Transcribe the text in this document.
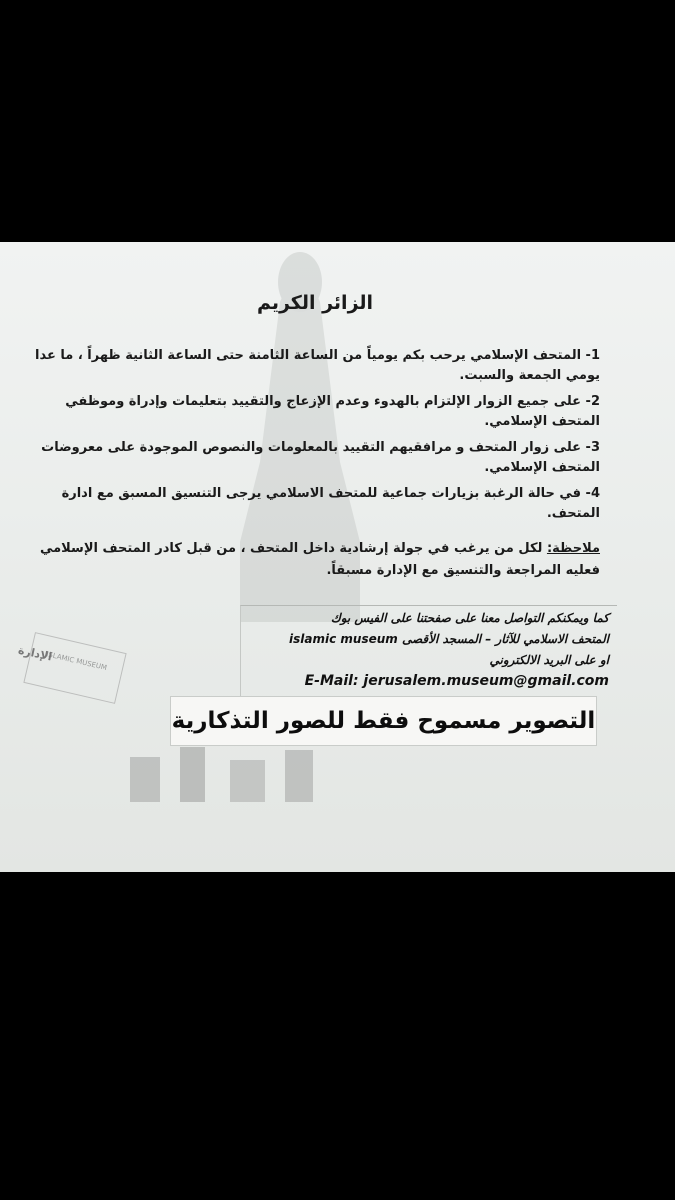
الزائر الكريم
1- المتحف الإسلامي يرحب بكم يومياً من الساعة الثامنة حتى الساعة الثانية ظهراً ، ما عدا يومي الجمعة والسبت.
2- على جميع الزوار الإلتزام بالهدوء وعدم الإزعاج والتقييد بتعليمات وإدراة وموظفي المتحف الإسلامي.
3- على زوار المتحف و مرافقيهم التقييد بالمعلومات والنصوص الموجودة على معروضات المتحف الإسلامي.
4- في حالة الرغبة بزيارات جماعية للمتحف الاسلامي يرجى التنسيق المسبق مع ادارة المتحف.
ملاحظة: لكل من يرغب في جولة إرشادية داخل المتحف ، من قبل كادر المتحف الإسلامي فعليه المراجعة والتنسيق مع الإدارة مسبقاً.
كما ويمكنكم التواصل معنا على صفحتنا على الفيس بوك
المتحف الاسلامي للآثار – المسجد الأقصى islamic museum
او على البريد الالكتروني
E-Mail: jerusalem.museum@gmail.com
ISLAMIC MUSEUM
الإدارة
التصوير مسموح فقط للصور التذكارية
